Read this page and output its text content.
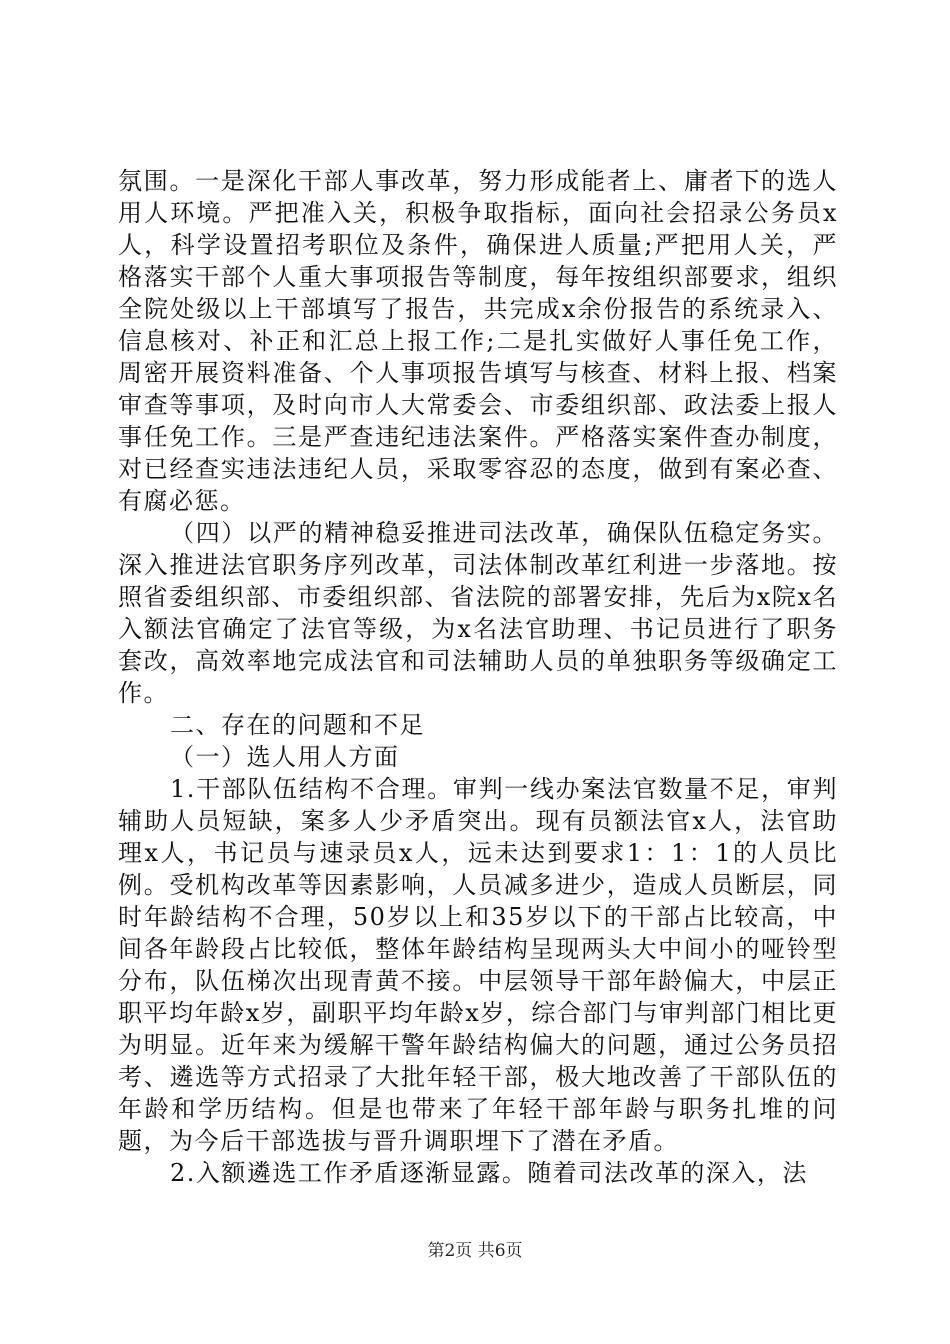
氛围。一是深化干部人事改革，努力形成能者上、庸者下的选人用人环境。严把准入关，积极争取指标，面向社会招录公务员x人，科学设置招考职位及条件，确保进人质量;严把用人关，严格落实干部个人重大事项报告等制度，每年按组织部要求，组织全院处级以上干部填写了报告，共完成x余份报告的系统录入、信息核对、补正和汇总上报工作;二是扎实做好人事任免工作，周密开展资料准备、个人事项报告填写与核查、材料上报、档案审查等事项，及时向市人大常委会、市委组织部、政法委上报人事任免工作。三是严查违纪违法案件。严格落实案件查办制度，对已经查实违法违纪人员，采取零容忍的态度，做到有案必查、有腐必惩。

（四）以严的精神稳妥推进司法改革，确保队伍稳定务实。深入推进法官职务序列改革，司法体制改革红利进一步落地。按照省委组织部、市委组织部、省法院的部署安排，先后为x院x名入额法官确定了法官等级，为x名法官助理、书记员进行了职务套改，高效率地完成法官和司法辅助人员的单独职务等级确定工作。

二、存在的问题和不足

（一）选人用人方面

1.干部队伍结构不合理。审判一线办案法官数量不足，审判辅助人员短缺，案多人少矛盾突出。现有员额法官x人，法官助理x人，书记员与速录员x人，远未达到要求1：1：1的人员比例。受机构改革等因素影响，人员减多进少，造成人员断层，同时年龄结构不合理，50岁以上和35岁以下的干部占比较高，中间各年龄段占比较低，整体年龄结构呈现两头大中间小的哑铃型分布，队伍梯次出现青黄不接。中层领导干部年龄偏大，中层正职平均年龄x岁，副职平均年龄x岁，综合部门与审判部门相比更为明显。近年来为缓解干警年龄结构偏大的问题，通过公务员招考、遴选等方式招录了大批年轻干部，极大地改善了干部队伍的年龄和学历结构。但是也带来了年轻干部年龄与职务扎堆的问题，为今后干部选拔与晋升调职埋下了潜在矛盾。

2.入额遴选工作矛盾逐渐显露。随着司法改革的深入，法

第2页 共6页
